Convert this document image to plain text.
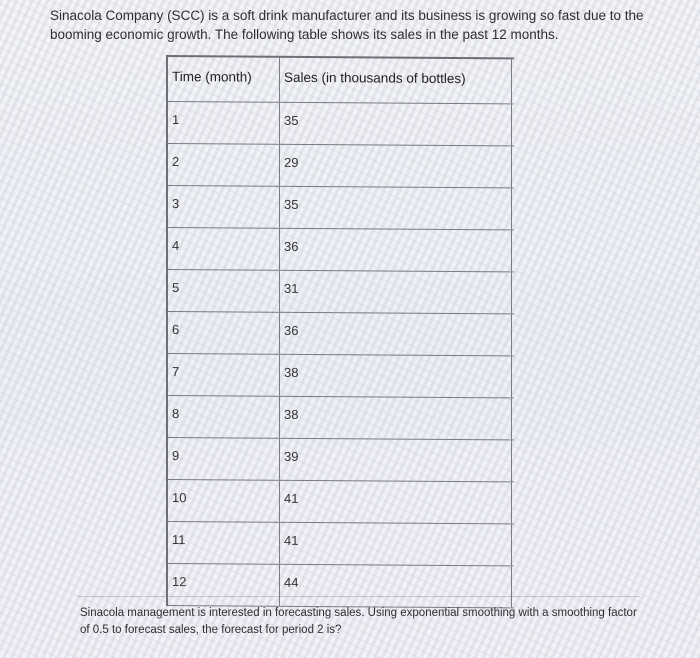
Sinacola Company (SCC) is a soft drink manufacturer and its business is growing so fast due to the booming economic growth. The following table shows its sales in the past 12 months.
Time (month)	Sales (in thousands of bottles)
1	35
2	29
3	35
4	36
5	31
6	36
7	38
8	38
9	39
10	41
11	41
12	44
Sinacola management is interested in forecasting sales. Using exponential smoothing with a smoothing factor of 0.5 to forecast sales, the forecast for period 2 is?
